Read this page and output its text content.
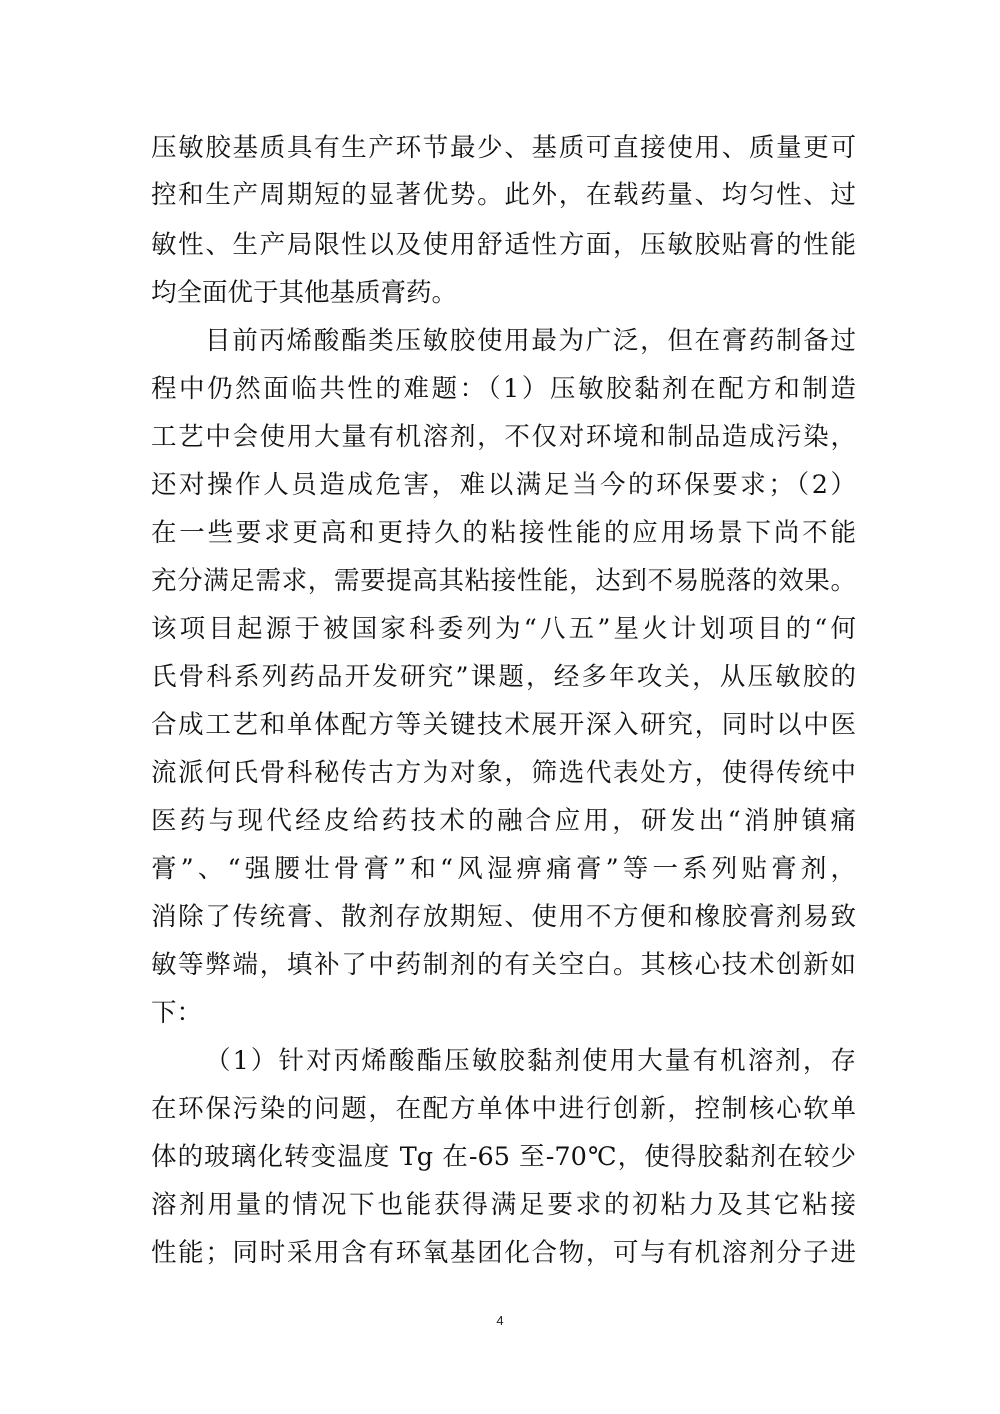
压敏胶基质具有生产环节最少、基质可直接使用、质量更可
控和生产周期短的显著优势。此外，在载药量、均匀性、过
敏性、生产局限性以及使用舒适性方面，压敏胶贴膏的性能
均全面优于其他基质膏药。
目前丙烯酸酯类压敏胶使用最为广泛，但在膏药制备过
程中仍然面临共性的难题：（1）压敏胶黏剂在配方和制造
工艺中会使用大量有机溶剂，不仅对环境和制品造成污染，
还对操作人员造成危害，难以满足当今的环保要求；（2）
在一些要求更高和更持久的粘接性能的应用场景下尚不能
充分满足需求，需要提高其粘接性能，达到不易脱落的效果。
该项目起源于被国家科委列为“八五”星火计划项目的“何
氏骨科系列药品开发研究”课题，经多年攻关，从压敏胶的
合成工艺和单体配方等关键技术展开深入研究，同时以中医
流派何氏骨科秘传古方为对象，筛选代表处方，使得传统中
医药与现代经皮给药技术的融合应用，研发出“消肿镇痛
膏”、“强腰壮骨膏”和“风湿痹痛膏”等一系列贴膏剂，
消除了传统膏、散剂存放期短、使用不方便和橡胶膏剂易致
敏等弊端，填补了中药制剂的有关空白。其核心技术创新如
下：
（1）针对丙烯酸酯压敏胶黏剂使用大量有机溶剂，存
在环保污染的问题，在配方单体中进行创新，控制核心软单
体的玻璃化转变温度 Tg 在-65 至-70℃，使得胶黏剂在较少
溶剂用量的情况下也能获得满足要求的初粘力及其它粘接
性能；同时采用含有环氧基团化合物，可与有机溶剂分子进
4
